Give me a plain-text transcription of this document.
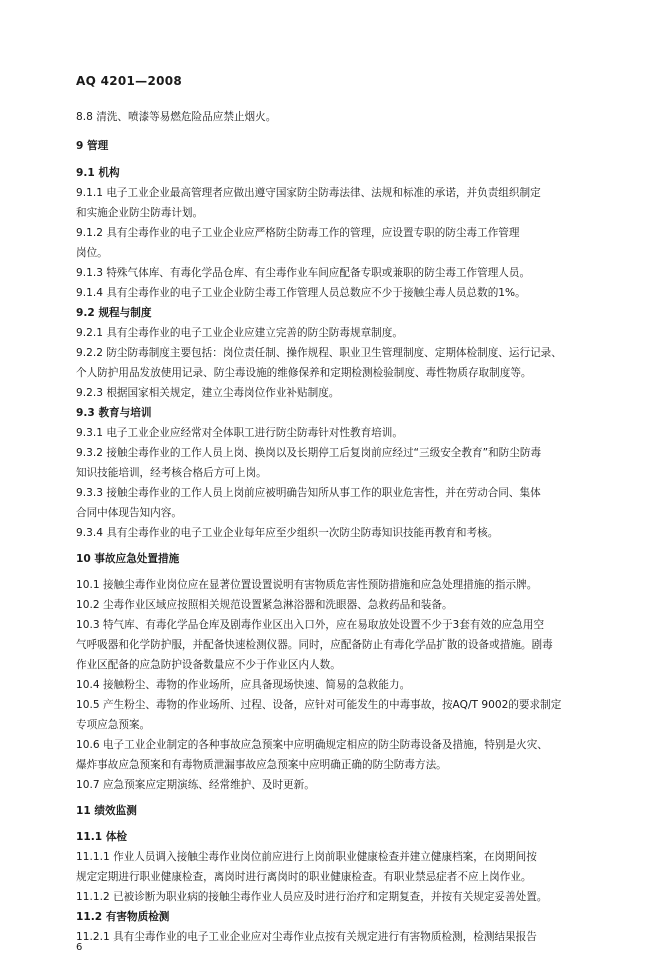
AQ 4201—2008
8.8 清洗、喷漆等易燃危险品应禁止烟火。
9 管理
9.1 机构
9.1.1 电子工业企业最高管理者应做出遵守国家防尘防毒法律、法规和标准的承诺，并负责组织制定
和实施企业防尘防毒计划。
9.1.2 具有尘毒作业的电子工业企业应严格防尘防毒工作的管理，应设置专职的防尘毒工作管理
岗位。
9.1.3 特殊气体库、有毒化学品仓库、有尘毒作业车间应配备专职或兼职的防尘毒工作管理人员。
9.1.4 具有尘毒作业的电子工业企业防尘毒工作管理人员总数应不少于接触尘毒人员总数的1%。
9.2 规程与制度
9.2.1 具有尘毒作业的电子工业企业应建立完善的防尘防毒规章制度。
9.2.2 防尘防毒制度主要包括：岗位责任制、操作规程、职业卫生管理制度、定期体检制度、运行记录、
个人防护用品发放使用记录、防尘毒设施的维修保养和定期检测检验制度、毒性物质存取制度等。
9.2.3 根据国家相关规定，建立尘毒岗位作业补贴制度。
9.3 教育与培训
9.3.1 电子工业企业应经常对全体职工进行防尘防毒针对性教育培训。
9.3.2 接触尘毒作业的工作人员上岗、换岗以及长期停工后复岗前应经过“三级安全教育”和防尘防毒
知识技能培训，经考核合格后方可上岗。
9.3.3 接触尘毒作业的工作人员上岗前应被明确告知所从事工作的职业危害性，并在劳动合同、集体
合同中体现告知内容。
9.3.4 具有尘毒作业的电子工业企业每年应至少组织一次防尘防毒知识技能再教育和考核。
10 事故应急处置措施
10.1 接触尘毒作业岗位应在显著位置设置说明有害物质危害性预防措施和应急处理措施的指示牌。
10.2 尘毒作业区域应按照相关规范设置紧急淋浴器和洗眼器、急救药品和装备。
10.3 特气库、有毒化学品仓库及剧毒作业区出入口外，应在易取放处设置不少于3套有效的应急用空
气呼吸器和化学防护服，并配备快速检测仪器。同时，应配备防止有毒化学品扩散的设备或措施。剧毒
作业区配备的应急防护设备数量应不少于作业区内人数。
10.4 接触粉尘、毒物的作业场所，应具备现场快速、简易的急救能力。
10.5 产生粉尘、毒物的作业场所、过程、设备，应针对可能发生的中毒事故，按AQ/T 9002的要求制定
专项应急预案。
10.6 电子工业企业制定的各种事故应急预案中应明确规定相应的防尘防毒设备及措施，特别是火灾、
爆炸事故应急预案和有毒物质泄漏事故应急预案中应明确正确的防尘防毒方法。
10.7 应急预案应定期演练、经常维护、及时更新。
11 绩效监测
11.1 体检
11.1.1 作业人员调入接触尘毒作业岗位前应进行上岗前职业健康检查并建立健康档案，在岗期间按
规定定期进行职业健康检查，离岗时进行离岗时的职业健康检查。有职业禁忌症者不应上岗作业。
11.1.2 已被诊断为职业病的接触尘毒作业人员应及时进行治疗和定期复查，并按有关规定妥善处置。
11.2 有害物质检测
11.2.1 具有尘毒作业的电子工业企业应对尘毒作业点按有关规定进行有害物质检测，检测结果报告
6
